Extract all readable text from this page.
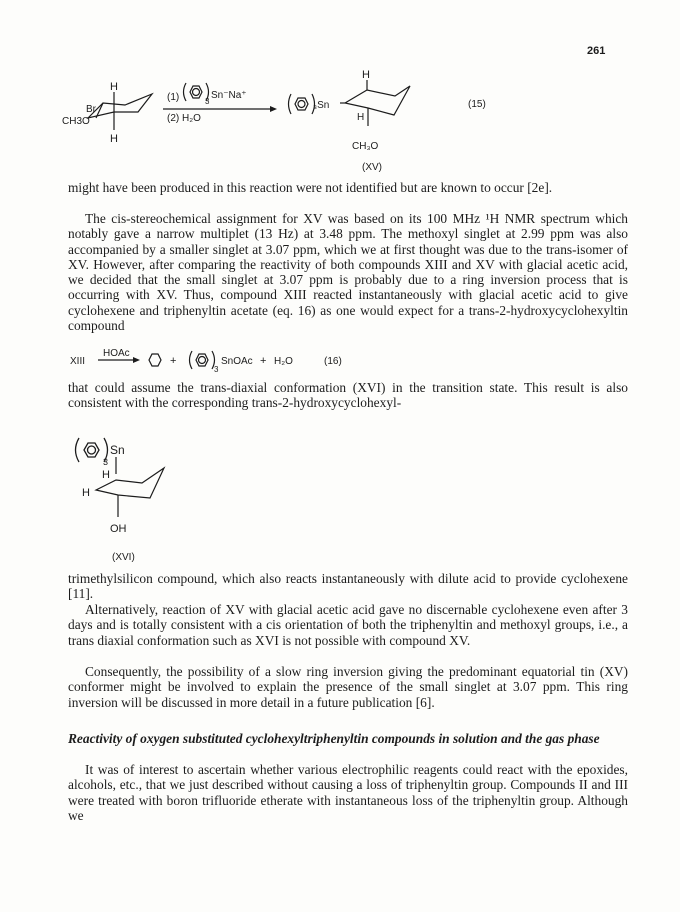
261
H
Br
CH3O
H
(1)	3
Sn⁻Na⁺
(2) H₂O
₃Sn
H
H
CH₃O
(15)
(XV)

might have been produced in this reaction were not identified but are known to occur [2e].

The cis-stereochemical assignment for XV was based on its 100 MHz ¹H NMR spectrum which notably gave a narrow multiplet (13 Hz) at 3.48 ppm. The methoxyl singlet at 2.99 ppm was also accompanied by a smaller singlet at 3.07 ppm, which we at first thought was due to the trans-isomer of XV. However, after comparing the reactivity of both compounds XIII and XV with glacial acetic acid, we decided that the small singlet at 3.07 ppm is probably due to a ring inversion process that is occurring with XV. Thus, compound XIII reacted instantaneously with glacial acetic acid to give cyclohexene and triphenyltin acetate (eq. 16) as one would expect for a trans-2-hydroxycyclohexyltin compound

XIII
HOAc
+
3
SnOAc + H₂O	(16)

that could assume the trans-diaxial conformation (XVI) in the transition state. This result is also consistent with the corresponding trans-2-hydroxycyclohexyl-

3
Sn
H
H
OH
(XVI)

trimethylsilicon compound, which also reacts instantaneously with dilute acid to provide cyclohexene [11].

Alternatively, reaction of XV with glacial acetic acid gave no discernable cyclohexene even after 3 days and is totally consistent with a cis orientation of both the triphenyltin and methoxyl groups, i.e., a trans diaxial conformation such as XVI is not possible with compound XV.

Consequently, the possibility of a slow ring inversion giving the predominant equatorial tin (XV) conformer might be involved to explain the presence of the small singlet at 3.07 ppm. This ring inversion will be discussed in more detail in a future publication [6].

Reactivity of oxygen substituted cyclohexyltriphenyltin compounds in solution and the gas phase

It was of interest to ascertain whether various electrophilic reagents could react with the epoxides, alcohols, etc., that we just described without causing a loss of triphenyltin group. Compounds II and III were treated with boron trifluoride etherate with instantaneous loss of the triphenyltin group. Although we
